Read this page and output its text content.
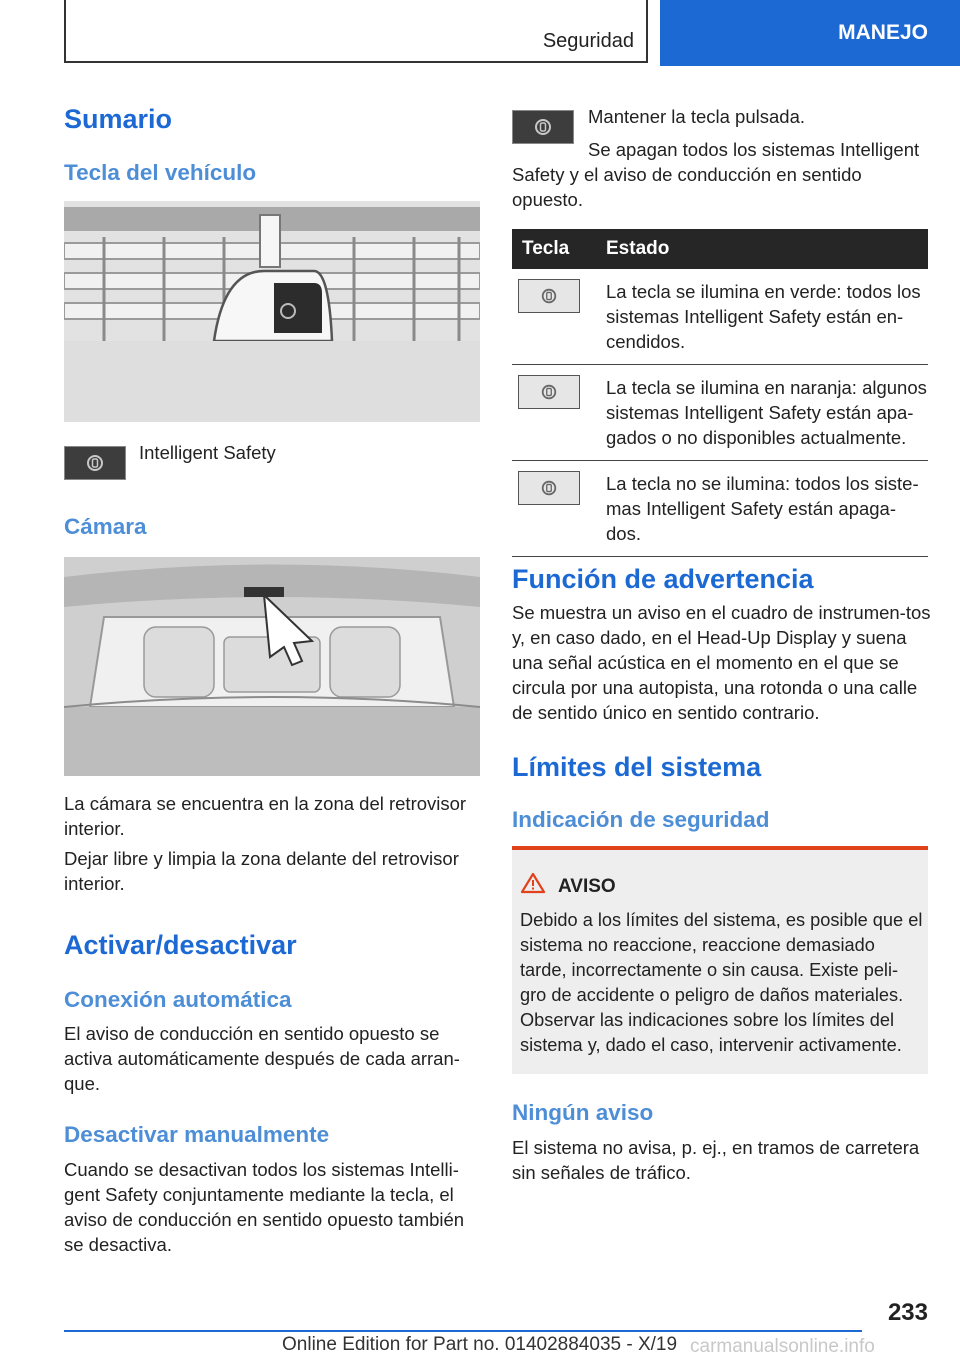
Seguridad	MANEJO
Sumario
Tecla del vehículo

Intelligent Safety

Cámara

La cámara se encuentra en la zona del retrovisor interior.

Dejar libre y limpia la zona delante del retrovisor interior.

Activar/desactivar
Conexión automática

El aviso de conducción en sentido opuesto se activa automáticamente después de cada arran-que.

Desactivar manualmente

Cuando se desactivan todos los sistemas Intelli-gent Safety conjuntamente mediante la tecla, el aviso de conducción en sentido opuesto también se desactiva.

Mantener la tecla pulsada.

Se apagan todos los sistemas Intelligent Safety y el aviso de conducción en sentido opuesto.

Tecla	Estado

	La tecla se ilumina en verde: todos los sistemas Intelligent Safety están en-cendidos.

	La tecla se ilumina en naranja: algunos sistemas Intelligent Safety están apa-gados o no disponibles actualmente.

	La tecla no se ilumina: todos los siste-mas Intelligent Safety están apaga-dos.
Función de advertencia

Se muestra un aviso en el cuadro de instrumen-tos y, en caso dado, en el Head-Up Display y suena una señal acústica en el momento en el que se circula por una autopista, una rotonda o una calle de sentido único en sentido contrario.

Límites del sistema
Indicación de seguridad
AVISO

Debido a los límites del sistema, es posible que el sistema no reaccione, reaccione demasiado tarde, incorrectamente o sin causa. Existe peli-gro de accidente o peligro de daños materiales. Observar las indicaciones sobre los límites del sistema y, dado el caso, intervenir activamente.

Ningún aviso

El sistema no avisa, p. ej., en tramos de carretera sin señales de tráfico.

233
Online Edition for Part no. 01402884035 - X/19 carmanualsonline.info
